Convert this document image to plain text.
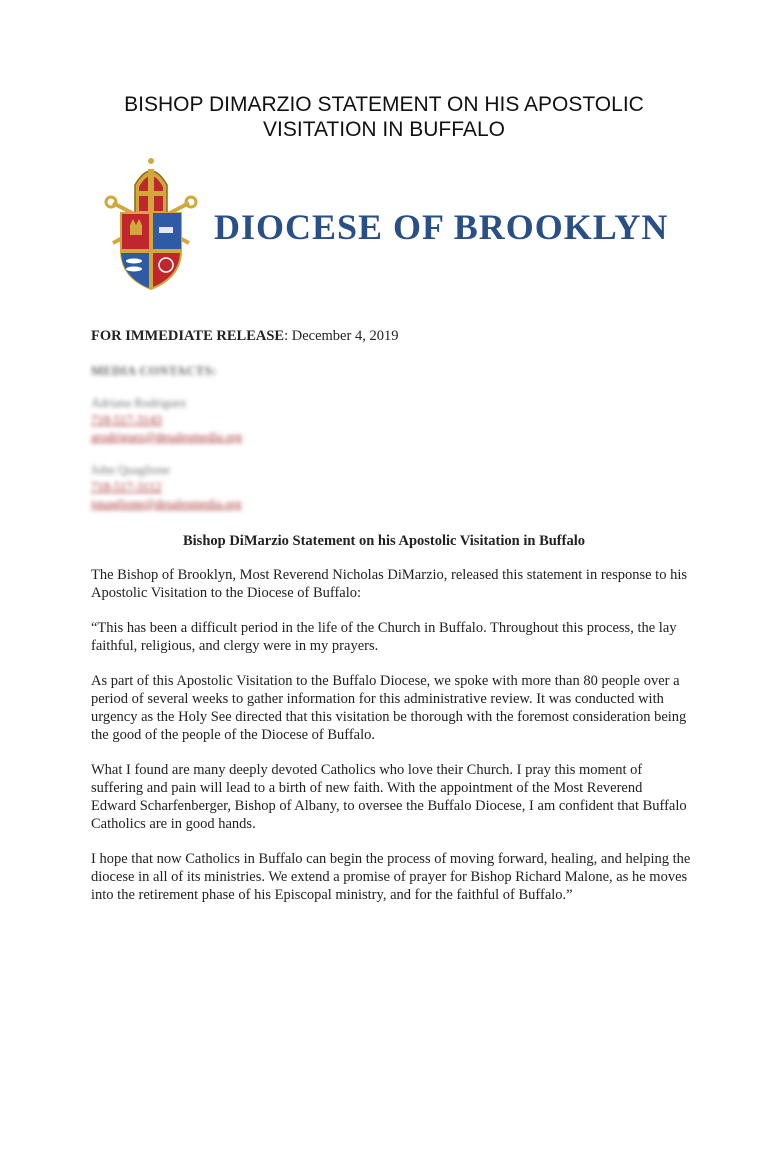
BISHOP DIMARZIO STATEMENT ON HIS APOSTOLIC
VISITATION IN BUFFALO
DIOCESE OF BROOKLYN
FOR IMMEDIATE RELEASE: December 4, 2019
MEDIA CONTACTS:
Adriana Rodriguez
718-517-3143
arodriguez@desalesmedia.org
John Quaglione
718-517-3112
jquaglione@desalesmedia.org
Bishop DiMarzio Statement on his Apostolic Visitation in Buffalo

The Bishop of Brooklyn, Most Reverend Nicholas DiMarzio, released this statement in response to his Apostolic Visitation to the Diocese of Buffalo:

“This has been a difficult period in the life of the Church in Buffalo. Throughout this process, the lay faithful, religious, and clergy were in my prayers.

As part of this Apostolic Visitation to the Buffalo Diocese, we spoke with more than 80 people over a period of several weeks to gather information for this administrative review. It was conducted with urgency as the Holy See directed that this visitation be thorough with the foremost consideration being the good of the people of the Diocese of Buffalo.

What I found are many deeply devoted Catholics who love their Church. I pray this moment of suffering and pain will lead to a birth of new faith. With the appointment of the Most Reverend Edward Scharfenberger, Bishop of Albany, to oversee the Buffalo Diocese, I am confident that Buffalo Catholics are in good hands.

I hope that now Catholics in Buffalo can begin the process of moving forward, healing, and helping the diocese in all of its ministries. We extend a promise of prayer for Bishop Richard Malone, as he moves into the retirement phase of his Episcopal ministry, and for the faithful of Buffalo.”
